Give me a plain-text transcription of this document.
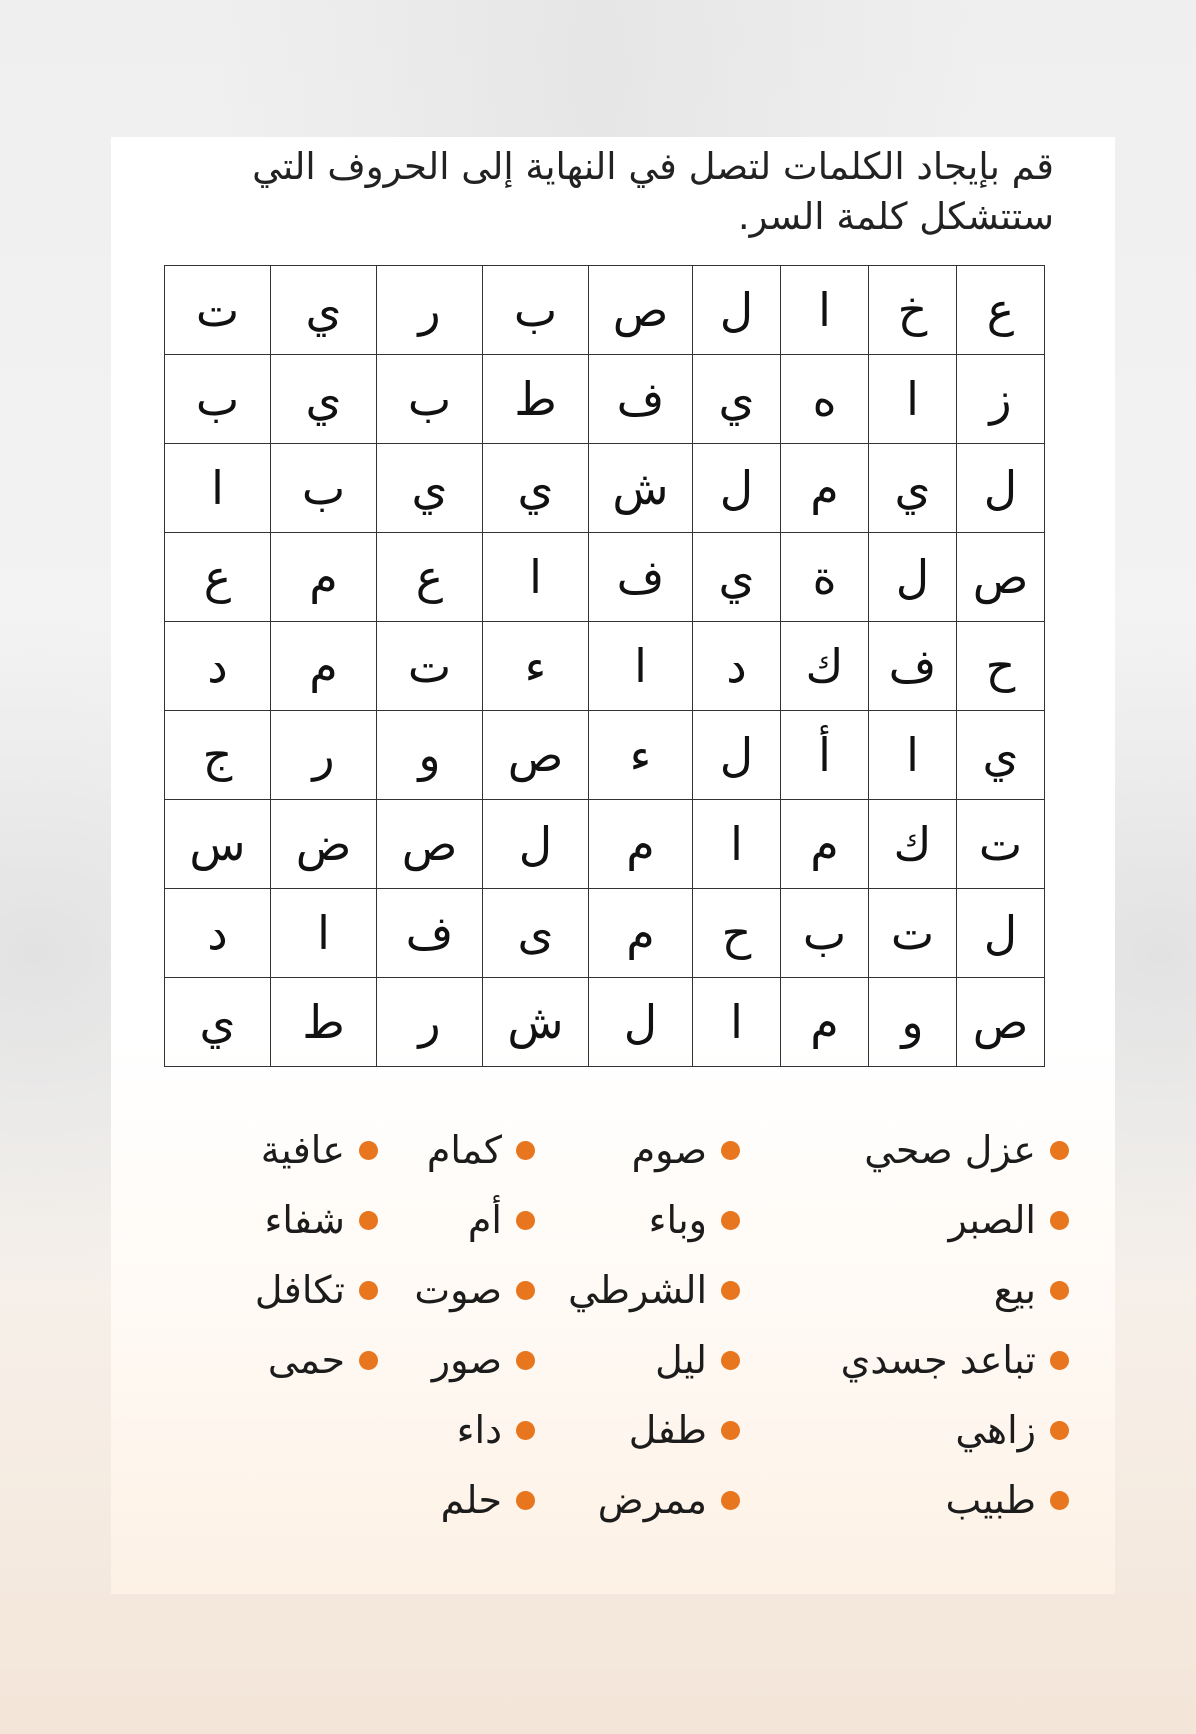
قم بإيجاد الكلمات لتصل في النهاية إلى الحروف التي ستتشكل كلمة السر.
ع	خ	ا	ل	ص	ب	ر	ي	ت
ز	ا	ه	ي	ف	ط	ب	ي	ب
ل	ي	م	ل	ش	ي	ي	ب	ا
ص	ل	ة	ي	ف	ا	ع	م	ع
ح	ف	ك	د	ا	ء	ت	م	د
ي	ا	أ	ل	ء	ص	و	ر	ج
ت	ك	م	ا	م	ل	ص	ض	س
ل	ت	ب	ح	م	ى	ف	ا	د
ص	و	م	ا	ل	ش	ر	ط	ي
عزل صحي
الصبر
بيع
تباعد جسدي
زاهي
طبيب
صوم
وباء
الشرطي
ليل
طفل
ممرض
كمام
أم
صوت
صور
داء
حلم
عافية
شفاء
تكافل
حمى
